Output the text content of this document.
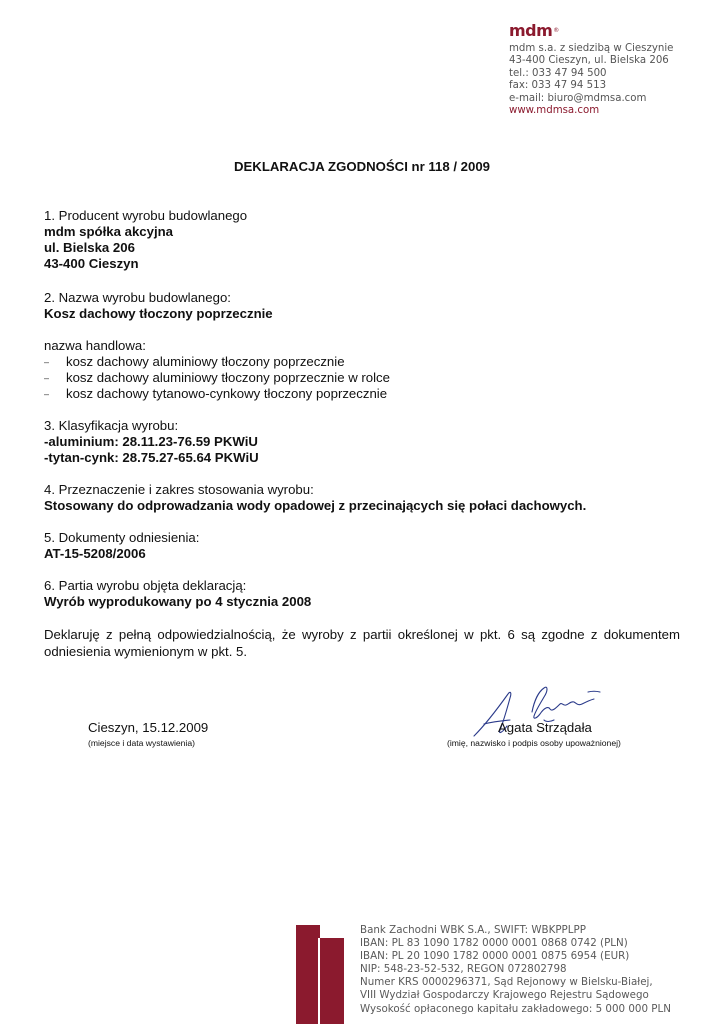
mdm®
mdm s.a. z siedzibą w Cieszynie
43-400 Cieszyn, ul. Bielska 206
tel.: 033 47 94 500
fax: 033 47 94 513
e-mail: biuro@mdmsa.com
www.mdmsa.com
DEKLARACJA ZGODNOŚCI nr 118 / 2009
1. Producent wyrobu budowlanego
mdm spółka akcyjna
ul. Bielska 206
43-400 Cieszyn
2. Nazwa wyrobu budowlanego:
Kosz dachowy tłoczony poprzecznie
nazwa handlowa:
– kosz dachowy aluminiowy tłoczony poprzecznie
– kosz dachowy aluminiowy tłoczony poprzecznie w rolce
– kosz dachowy tytanowo-cynkowy tłoczony poprzecznie
3. Klasyfikacja wyrobu:
-aluminium: 28.11.23-76.59 PKWiU
-tytan-cynk: 28.75.27-65.64 PKWiU
4. Przeznaczenie i zakres stosowania wyrobu:
Stosowany do odprowadzania wody opadowej z przecinających się połaci dachowych.
5. Dokumenty odniesienia:
AT-15-5208/2006
6. Partia wyrobu objęta deklaracją:
Wyrób wyprodukowany po 4 stycznia 2008
Deklaruję z pełną odpowiedzialnością, że wyroby z partii określonej w pkt. 6 są zgodne z dokumentem odniesienia wymienionym w pkt. 5.
Cieszyn, 15.12.2009
(miejsce i data wystawienia)
Agata Strządała
(imię, nazwisko i podpis osoby upoważnionej)
Bank Zachodni WBK S.A., SWIFT: WBKPPLPP
IBAN: PL 83 1090 1782 0000 0001 0868 0742 (PLN)
IBAN: PL 20 1090 1782 0000 0001 0875 6954 (EUR)
NIP: 548-23-52-532, REGON 072802798
Numer KRS 0000296371, Sąd Rejonowy w Bielsku-Białej,
VIII Wydział Gospodarczy Krajowego Rejestru Sądowego
Wysokość opłaconego kapitału zakładowego: 5 000 000 PLN
